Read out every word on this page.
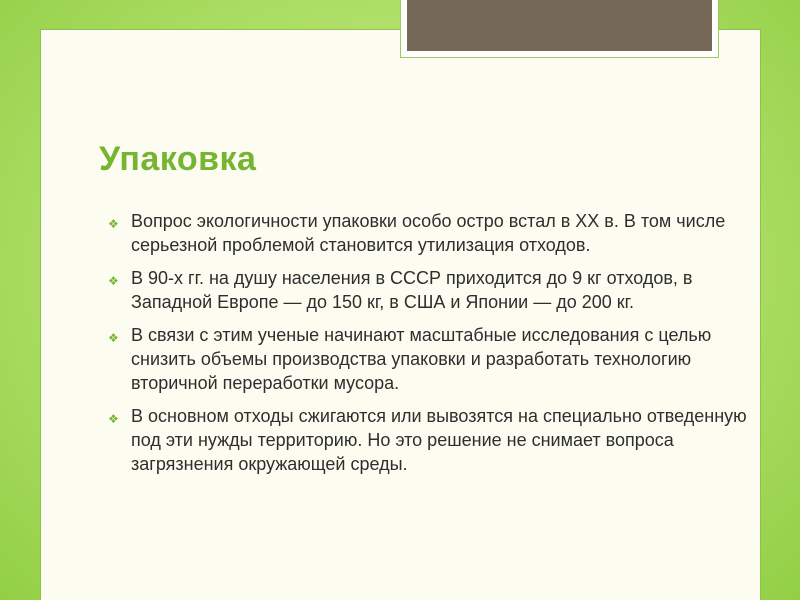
Упаковка
❖ Вопрос экологичности упаковки особо остро встал в XX в. В том числе серьезной проблемой становится утилизация отходов.
❖ В 90-х гг. на душу населения в СССР приходится до 9 кг отходов, в Западной Европе — до 150 кг, в США и Японии — до 200 кг.
❖ В связи с этим ученые начинают масштабные исследования с целью снизить объемы производства упаковки и разработать технологию вторичной переработки мусора.
❖ В основном отходы сжигаются или вывозятся на специально отведенную под эти нужды территорию. Но это решение не снимает вопроса загрязнения окружающей среды.
